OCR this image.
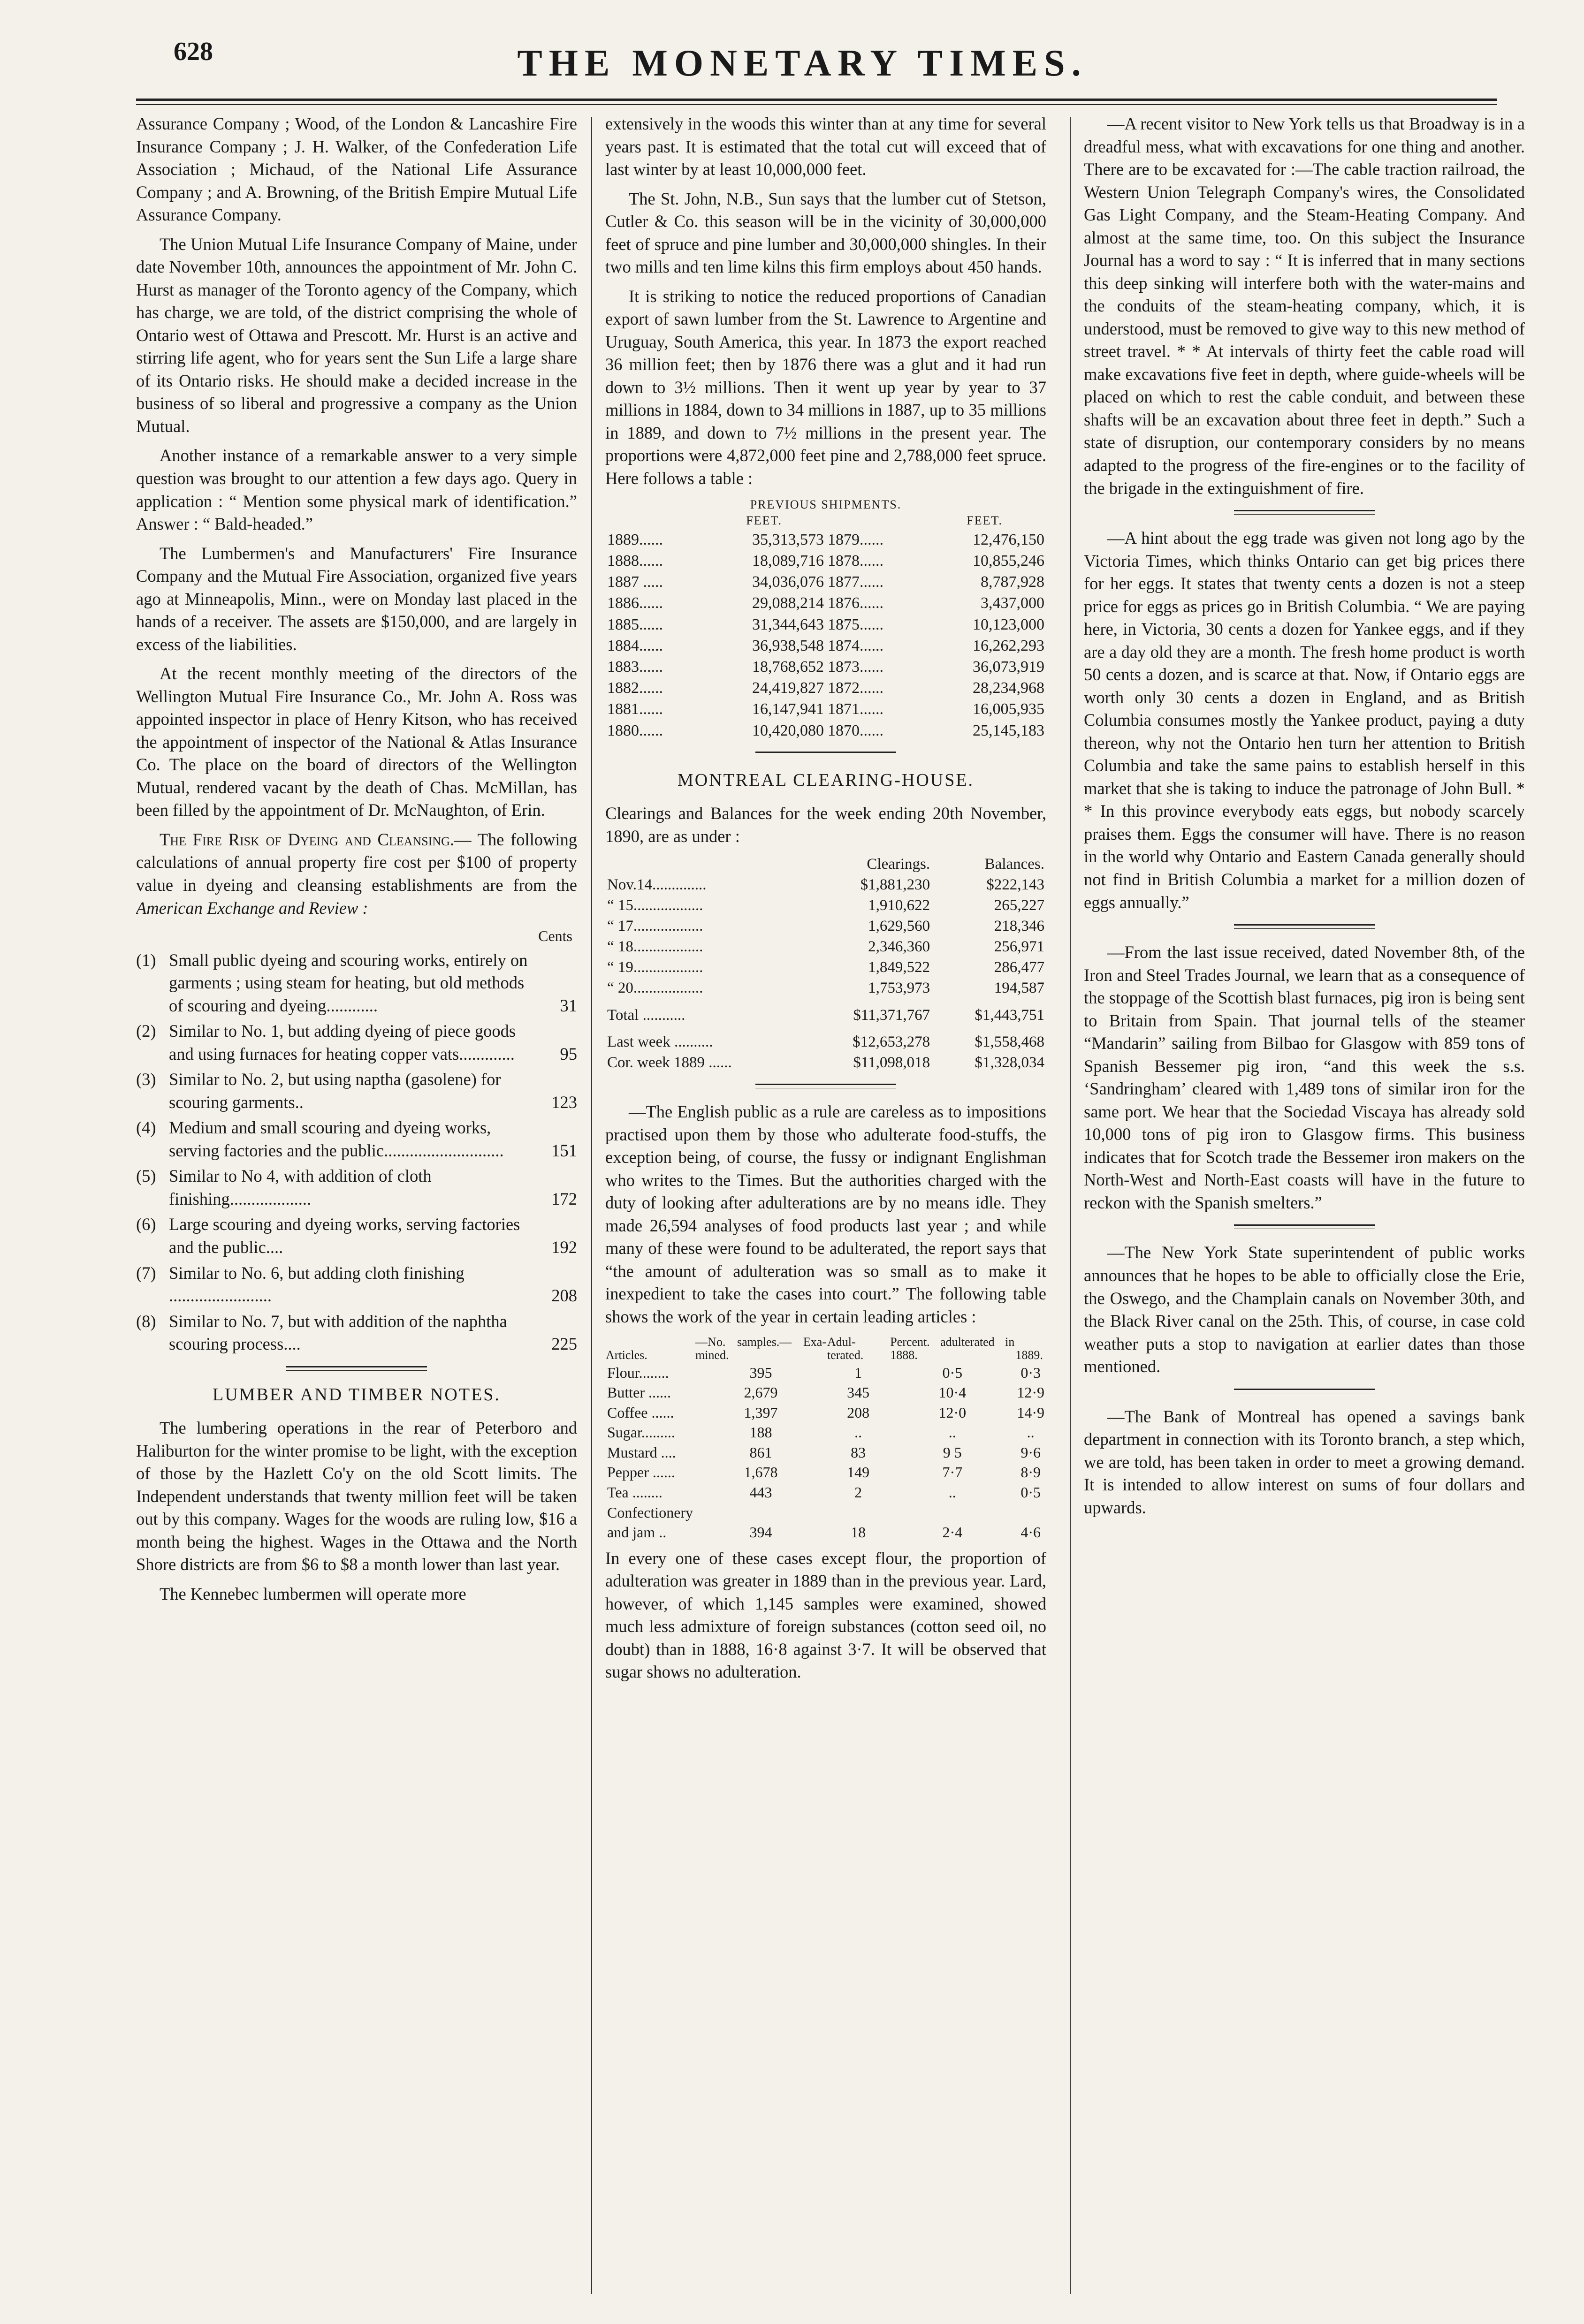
628	THE MONETARY TIMES.

Assurance Company ; Wood, of the London & Lancashire Fire Insurance Company ; J. H. Walker, of the Confederation Life Association ; Michaud, of the National Life Assurance Company ; and A. Browning, of the British Empire Mutual Life Assurance Company.

The Union Mutual Life Insurance Company of Maine, under date November 10th, announces the appointment of Mr. John C. Hurst as manager of the Toronto agency of the Company, which has charge, we are told, of the district comprising the whole of Ontario west of Ottawa and Prescott. Mr. Hurst is an active and stirring life agent, who for years sent the Sun Life a large share of its Ontario risks. He should make a decided increase in the business of so liberal and progressive a company as the Union Mutual.

Another instance of a remarkable answer to a very simple question was brought to our attention a few days ago. Query in application : “ Mention some physical mark of identification.” Answer : “ Bald-headed.”

The Lumbermen's and Manufacturers' Fire Insurance Company and the Mutual Fire Association, organized five years ago at Minneapolis, Minn., were on Monday last placed in the hands of a receiver. The assets are $150,000, and are largely in excess of the liabilities.

At the recent monthly meeting of the directors of the Wellington Mutual Fire Insurance Co., Mr. John A. Ross was appointed inspector in place of Henry Kitson, who has received the appointment of inspector of the National & Atlas Insurance Co. The place on the board of directors of the Wellington Mutual, rendered vacant by the death of Chas. McMillan, has been filled by the appointment of Dr. McNaughton, of Erin.

The Fire Risk of Dyeing and Cleansing.— The following calculations of annual property fire cost per $100 of property value in dyeing and cleansing establishments are from the American Exchange and Review :

Cents
(1) Small public dyeing and scouring works, entirely on garments ; using steam for heating, but old methods of scouring and dyeing............	31
(2) Similar to No. 1, but adding dyeing of piece goods and using furnaces for heating copper vats.............	95
(3) Similar to No. 2, but using naptha (gasolene) for scouring garments..	123
(4) Medium and small scouring and dyeing works, serving factories and the public............................	151
(5) Similar to No 4, with addition of cloth finishing...................	172
(6) Large scouring and dyeing works, serving factories and the public....	192
(7) Similar to No. 6, but adding cloth finishing ........................	208
(8) Similar to No. 7, but with addition of the naphtha scouring process....	225
LUMBER AND TIMBER NOTES.

The lumbering operations in the rear of Peterboro and Haliburton for the winter promise to be light, with the exception of those by the Hazlett Co'y on the old Scott limits. The Independent understands that twenty million feet will be taken out by this company. Wages for the woods are ruling low, $16 a month being the highest. Wages in the Ottawa and the North Shore districts are from $6 to $8 a month lower than last year.

The Kennebec lumbermen will operate more

extensively in the woods this winter than at any time for several years past. It is estimated that the total cut will exceed that of last winter by at least 10,000,000 feet.

The St. John, N.B., Sun says that the lumber cut of Stetson, Cutler & Co. this season will be in the vicinity of 30,000,000 feet of spruce and pine lumber and 30,000,000 shingles. In their two mills and ten lime kilns this firm employs about 450 hands.

It is striking to notice the reduced proportions of Canadian export of sawn lumber from the St. Lawrence to Argentine and Uruguay, South America, this year. In 1873 the export reached 36 million feet; then by 1876 there was a glut and it had run down to 3½ millions. Then it went up year by year to 37 millions in 1884, down to 34 millions in 1887, up to 35 millions in 1889, and down to 7½ millions in the present year. The proportions were 4,872,000 feet pine and 2,788,000 feet spruce. Here follows a table :

PREVIOUS SHIPMENTS.			
	FEET.		FEET.
1889......	35,313,573	1879......	12,476,150
1888......	18,089,716	1878......	10,855,246
1887 .....	34,036,076	1877......	8,787,928
1886......	29,088,214	1876......	3,437,000
1885......	31,344,643	1875......	10,123,000
1884......	36,938,548	1874......	16,262,293
1883......	18,768,652	1873......	36,073,919
1882......	24,419,827	1872......	28,234,968
1881......	16,147,941	1871......	16,005,935
1880......	10,420,080	1870......	25,145,183
MONTREAL CLEARING-HOUSE.

Clearings and Balances for the week ending 20th November, 1890, are as under :

	Clearings.	Balances.
Nov.14..............	$1,881,230	$222,143
“ 15..................	1,910,622	265,227
“ 17..................	1,629,560	218,346
“ 18..................	2,346,360	256,971
“ 19..................	1,849,522	286,477
“ 20..................	1,753,973	194,587
Total ...........	$11,371,767	$1,443,751
Last week ..........	$12,653,278	$1,558,468
Cor. week 1889 ......	$11,098,018	$1,328,034

—The English public as a rule are careless as to impositions practised upon them by those who adulterate food-stuffs, the exception being, of course, the fussy or indignant Englishman who writes to the Times. But the authorities charged with the duty of looking after adulterations are by no means idle. They made 26,594 analyses of food products last year ; and while many of these were found to be adulterated, the report says that “the amount of adulteration was so small as to make it inexpedient to take the cases into court.” The following table shows the work of the year in certain leading articles :

Articles.	—No. samples.— Exa- mined.	Adul- terated.	Percent. adulterated in 1888.	1889.
Flour........	395	1	0·5	0·3
Butter ......	2,679	345	10·4	12·9
Coffee ......	1,397	208	12·0	14·9
Sugar.........	188	..	..	..
Mustard ....	861	83	9 5	9·6
Pepper ......	1,678	149	7·7	8·9
Tea ........	443	2	..	0·5
Confectionery				
and jam ..	394	18	2·4	4·6

In every one of these cases except flour, the proportion of adulteration was greater in 1889 than in the previous year. Lard, however, of which 1,145 samples were examined, showed much less admixture of foreign substances (cotton seed oil, no doubt) than in 1888, 16·8 against 3·7. It will be observed that sugar shows no adulteration.

—A recent visitor to New York tells us that Broadway is in a dreadful mess, what with excavations for one thing and another. There are to be excavated for :—The cable traction railroad, the Western Union Telegraph Company's wires, the Consolidated Gas Light Company, and the Steam-Heating Company. And almost at the same time, too. On this subject the Insurance Journal has a word to say : “ It is inferred that in many sections this deep sinking will interfere both with the water-mains and the conduits of the steam-heating company, which, it is understood, must be removed to give way to this new method of street travel. * * At intervals of thirty feet the cable road will make excavations five feet in depth, where guide-wheels will be placed on which to rest the cable conduit, and between these shafts will be an excavation about three feet in depth.” Such a state of disruption, our contemporary considers by no means adapted to the progress of the fire-engines or to the facility of the brigade in the extinguishment of fire.

—A hint about the egg trade was given not long ago by the Victoria Times, which thinks Ontario can get big prices there for her eggs. It states that twenty cents a dozen is not a steep price for eggs as prices go in British Columbia. “ We are paying here, in Victoria, 30 cents a dozen for Yankee eggs, and if they are a day old they are a month. The fresh home product is worth 50 cents a dozen, and is scarce at that. Now, if Ontario eggs are worth only 30 cents a dozen in England, and as British Columbia consumes mostly the Yankee product, paying a duty thereon, why not the Ontario hen turn her attention to British Columbia and take the same pains to establish herself in this market that she is taking to induce the patronage of John Bull. * * In this province everybody eats eggs, but nobody scarcely praises them. Eggs the consumer will have. There is no reason in the world why Ontario and Eastern Canada generally should not find in British Columbia a market for a million dozen of eggs annually.”

—From the last issue received, dated November 8th, of the Iron and Steel Trades Journal, we learn that as a consequence of the stoppage of the Scottish blast furnaces, pig iron is being sent to Britain from Spain. That journal tells of the steamer “Mandarin” sailing from Bilbao for Glasgow with 859 tons of Spanish Bessemer pig iron, “and this week the s.s. ‘Sandringham’ cleared with 1,489 tons of similar iron for the same port. We hear that the Sociedad Viscaya has already sold 10,000 tons of pig iron to Glasgow firms. This business indicates that for Scotch trade the Bessemer iron makers on the North-West and North-East coasts will have in the future to reckon with the Spanish smelters.”

—The New York State superintendent of public works announces that he hopes to be able to officially close the Erie, the Oswego, and the Champlain canals on November 30th, and the Black River canal on the 25th. This, of course, in case cold weather puts a stop to navigation at earlier dates than those mentioned.

—The Bank of Montreal has opened a savings bank department in connection with its Toronto branch, a step which, we are told, has been taken in order to meet a growing demand. It is intended to allow interest on sums of four dollars and upwards.
